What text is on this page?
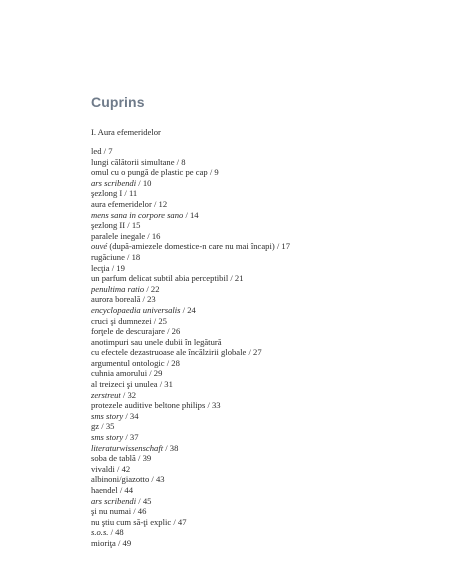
Cuprins
I. Aura efemeridelor
led / 7
lungi călătorii simultane / 8
omul cu o pungă de plastic pe cap / 9
ars scribendi / 10
şezlong I / 11
aura efemeridelor / 12
mens sana in corpore sano / 14
şezlong II / 15
paralele inegale / 16
ouvé (după-amiezele domestice-n care nu mai încapi) / 17
rugăciune / 18
lecţia / 19
un parfum delicat subtil abia perceptibil / 21
penultima ratio / 22
aurora boreală / 23
encyclopaedia universalis / 24
cruci şi dumnezei / 25
forţele de descurajare / 26
anotimpuri sau unele dubii în legătură
cu efectele dezastruoase ale încălzirii globale / 27
argumentul ontologic / 28
cuhnia amorului / 29
al treizeci şi unulea / 31
zerstreut / 32
protezele auditive beltone philips / 33
sms story / 34
gz / 35
sms story / 37
literaturwissenschaft / 38
soba de tablă / 39
vivaldi / 42
albinoni/giazotto / 43
haendel / 44
ars scribendi / 45
şi nu numai / 46
nu ştiu cum să-ţi explic / 47
s.o.s. / 48
mioriţa / 49
